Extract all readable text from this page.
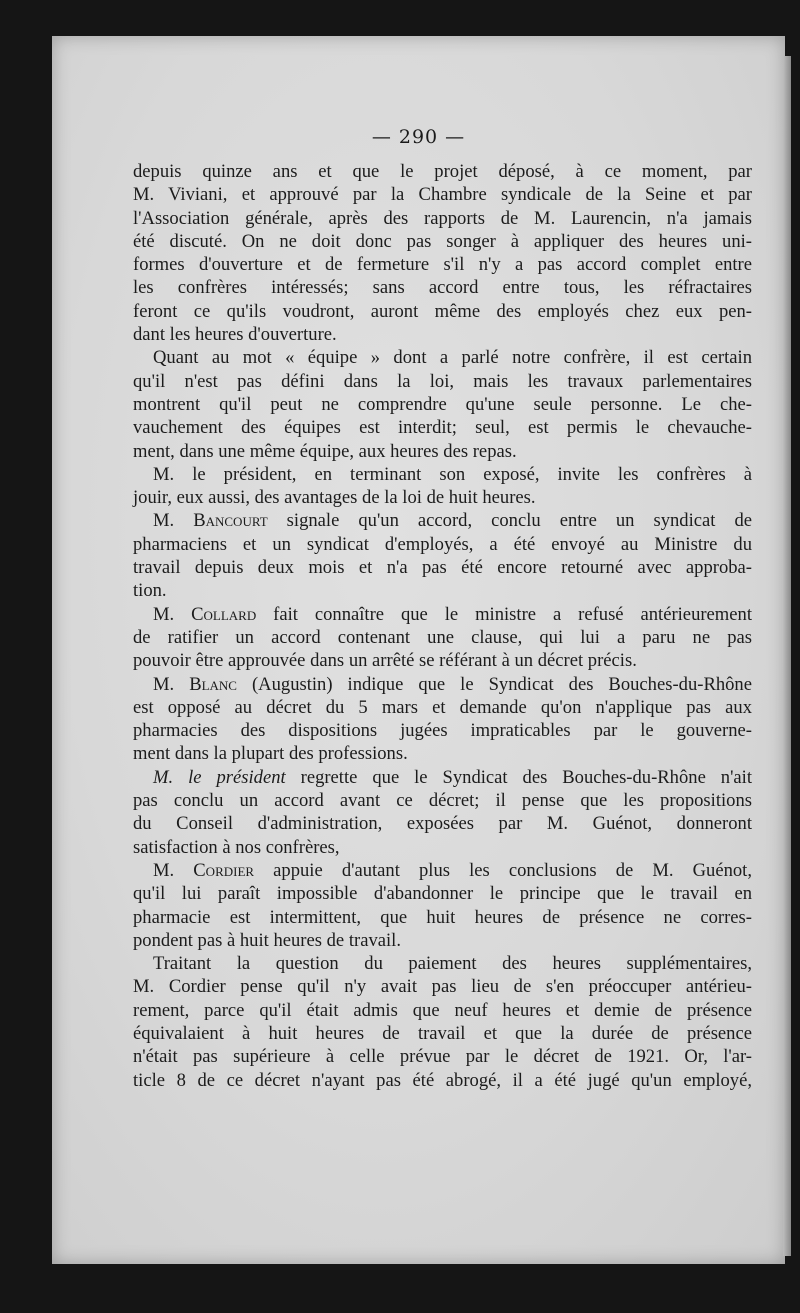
— 290 —

depuis quinze ans et que le projet déposé, à ce moment, par
M. Viviani, et approuvé par la Chambre syndicale de la Seine et par
l'Association générale, après des rapports de M. Laurencin, n'a jamais
été discuté. On ne doit donc pas songer à appliquer des heures uni-
formes d'ouverture et de fermeture s'il n'y a pas accord complet entre
les confrères intéressés; sans accord entre tous, les réfractaires
feront ce qu'ils voudront, auront même des employés chez eux pen-
dant les heures d'ouverture.

Quant au mot « équipe » dont a parlé notre confrère, il est certain
qu'il n'est pas défini dans la loi, mais les travaux parlementaires
montrent qu'il peut ne comprendre qu'une seule personne. Le che-
vauchement des équipes est interdit; seul, est permis le chevauche-
ment, dans une même équipe, aux heures des repas.

M. le président, en terminant son exposé, invite les confrères à
jouir, eux aussi, des avantages de la loi de huit heures.

M. Bancourt signale qu'un accord, conclu entre un syndicat de
pharmaciens et un syndicat d'employés, a été envoyé au Ministre du
travail depuis deux mois et n'a pas été encore retourné avec approba-
tion.

M. Collard fait connaître que le ministre a refusé antérieurement
de ratifier un accord contenant une clause, qui lui a paru ne pas
pouvoir être approuvée dans un arrêté se référant à un décret précis.

M. Blanc (Augustin) indique que le Syndicat des Bouches-du-Rhône
est opposé au décret du 5 mars et demande qu'on n'applique pas aux
pharmacies des dispositions jugées impraticables par le gouverne-
ment dans la plupart des professions.

M. le président regrette que le Syndicat des Bouches-du-Rhône n'ait
pas conclu un accord avant ce décret; il pense que les propositions
du Conseil d'administration, exposées par M. Guénot, donneront
satisfaction à nos confrères,

M. Cordier appuie d'autant plus les conclusions de M. Guénot,
qu'il lui paraît impossible d'abandonner le principe que le travail en
pharmacie est intermittent, que huit heures de présence ne corres-
pondent pas à huit heures de travail.

Traitant la question du paiement des heures supplémentaires,
M. Cordier pense qu'il n'y avait pas lieu de s'en préoccuper antérieu-
rement, parce qu'il était admis que neuf heures et demie de présence
équivalaient à huit heures de travail et que la durée de présence
n'était pas supérieure à celle prévue par le décret de 1921. Or, l'ar-
ticle 8 de ce décret n'ayant pas été abrogé, il a été jugé qu'un employé,
